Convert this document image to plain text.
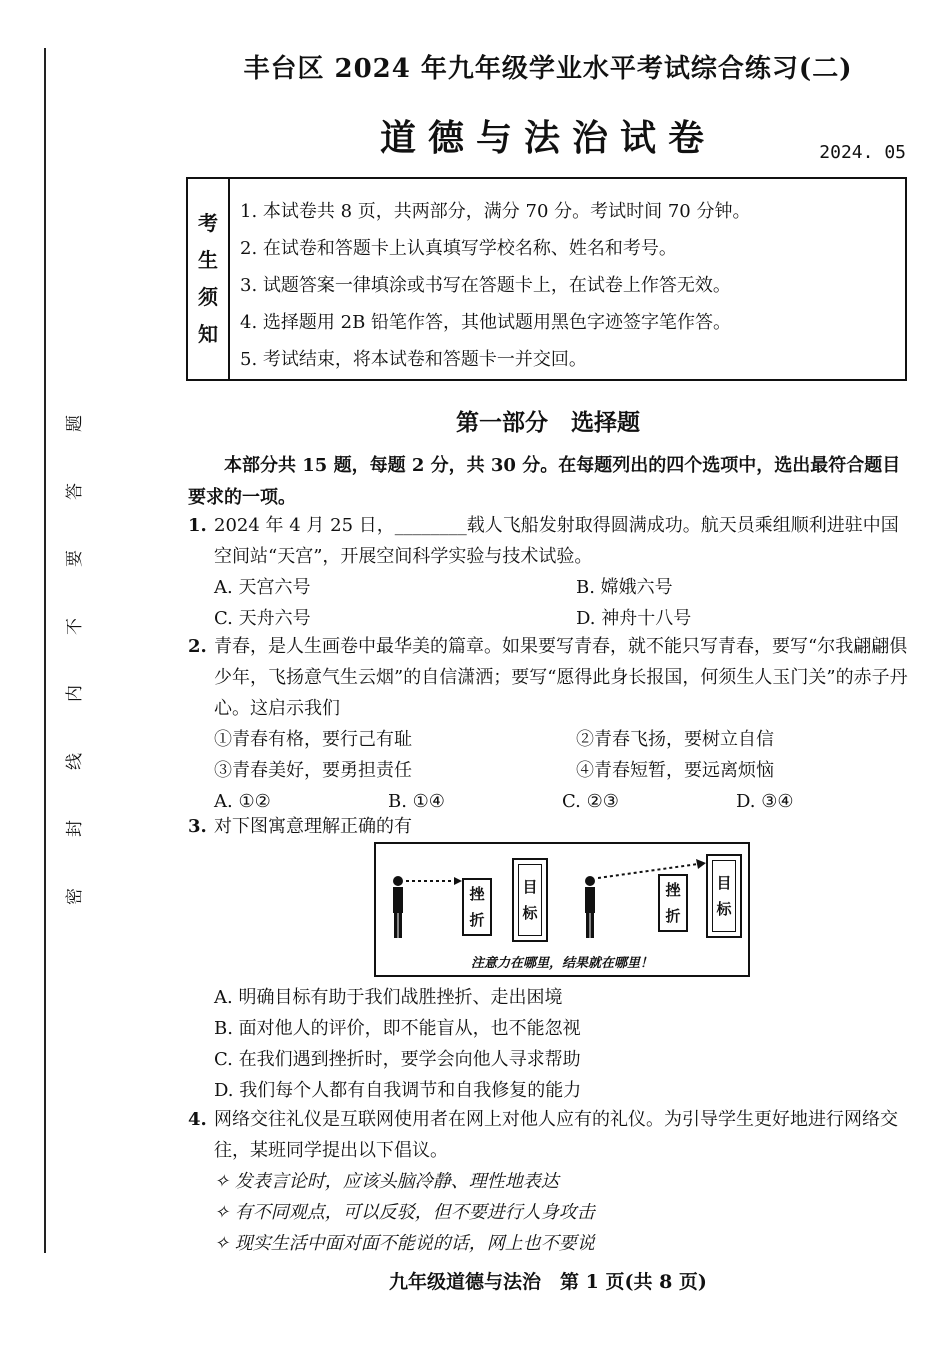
题
答
要
不
内
线
封
密
丰台区 2024 年九年级学业水平考试综合练习(二)
道德与法治试卷	2024. 05
考
生
须
知
1. 本试卷共 8 页，共两部分，满分 70 分。考试时间 70 分钟。
2. 在试卷和答题卡上认真填写学校名称、姓名和考号。
3. 试题答案一律填涂或书写在答题卡上，在试卷上作答无效。
4. 选择题用 2B 铅笔作答，其他试题用黑色字迹签字笔作答。
5. 考试结束，将本试卷和答题卡一并交回。
第一部分　选择题
本部分共 15 题，每题 2 分，共 30 分。在每题列出的四个选项中，选出最符合题目要求的一项。
1. 2024 年 4 月 25 日，________载人飞船发射取得圆满成功。航天员乘组顺利进驻中国空间站“天宫”，开展空间科学实验与技术试验。
A. 天宫六号	B. 嫦娥六号
C. 天舟六号	D. 神舟十八号
2. 青春，是人生画卷中最华美的篇章。如果要写青春，就不能只写青春，要写“尔我翩翩俱少年，飞扬意气生云烟”的自信潇洒；要写“愿得此身长报国，何须生人玉门关”的赤子丹心。这启示我们
①青春有格，要行己有耻	②青春飞扬，要树立自信
③青春美好，要勇担责任	④青春短暂，要远离烦恼
A. ①②	B. ①④	C. ②③	D. ③④
3. 对下图寓意理解正确的有
挫
折
目
标
挫
折
目
标
注意力在哪里，结果就在哪里！
A. 明确目标有助于我们战胜挫折、走出困境
B. 面对他人的评价，即不能盲从，也不能忽视
C. 在我们遇到挫折时，要学会向他人寻求帮助
D. 我们每个人都有自我调节和自我修复的能力
4. 网络交往礼仪是互联网使用者在网上对他人应有的礼仪。为引导学生更好地进行网络交往，某班同学提出以下倡议。
✧ 发表言论时，应该头脑冷静、理性地表达
✧ 有不同观点，可以反驳，但不要进行人身攻击
✧ 现实生活中面对面不能说的话，网上也不要说
九年级道德与法治　第 1 页(共 8 页)
